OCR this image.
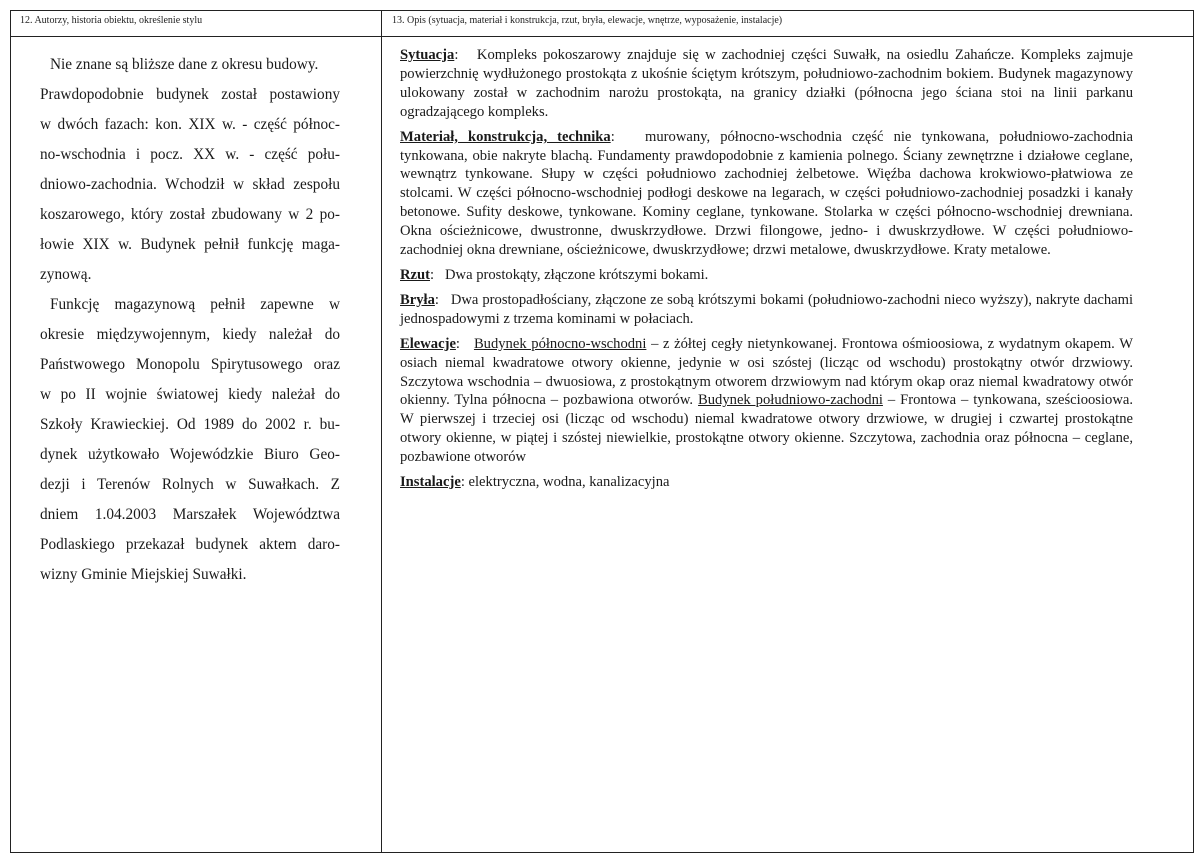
12. Autorzy, historia obiektu, określenie stylu
Nie znane są bliższe dane z okresu budowy.
Prawdopodobnie budynek został postawiony
w dwóch fazach: kon. XIX w. - część północ-
no-wschodnia i pocz. XX w. - część połu-
dniowo-zachodnia. Wchodził w skład zespołu
koszarowego, który został zbudowany w 2 po-
łowie XIX w. Budynek pełnił funkcję maga-
zynową.
Funkcję magazynową pełnił zapewne w
okresie międzywojennym, kiedy należał do
Państwowego Monopolu Spirytusowego oraz
w po II wojnie światowej kiedy należał do
Szkoły Krawieckiej. Od 1989 do 2002 r. bu-
dynek użytkowało Wojewódzkie Biuro Geo-
dezji i Terenów Rolnych w Suwałkach. Z
dniem 1.04.2003 Marszałek Województwa
Podlaskiego przekazał budynek aktem daro-
wizny Gminie Miejskiej Suwałki.
13. Opis (sytuacja, materiał i konstrukcja, rzut, bryła, elewacje, wnętrze, wyposażenie, instalacje)

Sytuacja:   Kompleks pokoszarowy znajduje się w zachodniej części Suwałk, na osiedlu Zahańcze. Kompleks zajmuje powierzchnię wydłużonego prostokąta z ukośnie ściętym krótszym, południowo-zachodnim bokiem. Budynek magazynowy ulokowany został w zachodnim narożu prostokąta, na granicy działki (północna jego ściana stoi na linii parkanu ogradzającego kompleks.

Materiał, konstrukcja, technika:   murowany, północno-wschodnia część nie tynkowana, południowo-zachodnia tynkowana, obie nakryte blachą. Fundamenty prawdopodobnie z kamienia polnego. Ściany zewnętrzne i działowe ceglane, wewnątrz tynkowane. Słupy w części południowo zachodniej żelbetowe. Więźba dachowa krokwiowo-płatwiowa ze stolcami. W części północno-wschodniej podłogi deskowe na legarach, w części południowo-zachodniej posadzki i kanały betonowe. Sufity deskowe, tynkowane. Kominy ceglane, tynkowane. Stolarka w części północno-wschodniej drewniana. Okna ościeżnicowe, dwustronne, dwuskrzydłowe. Drzwi filongowe, jedno- i dwuskrzydłowe. W części południowo-zachodniej okna drewniane, ościeżnicowe, dwuskrzydłowe; drzwi metalowe, dwuskrzydłowe. Kraty metalowe.

Rzut:   Dwa prostokąty, złączone krótszymi bokami.

Bryła:   Dwa prostopadłościany, złączone ze sobą krótszymi bokami (południowo-zachodni nieco wyższy), nakryte dachami jednospadowymi z trzema kominami w połaciach.

Elewacje:   Budynek północno-wschodni – z żółtej cegły nietynkowanej. Frontowa ośmioosiowa, z wydatnym okapem. W osiach niemal kwadratowe otwory okienne, jedynie w osi szóstej (licząc od wschodu) prostokątny otwór drzwiowy. Szczytowa wschodnia – dwuosiowa, z prostokątnym otworem drzwiowym nad którym okap oraz niemal kwadratowy otwór okienny. Tylna północna – pozbawiona otworów. Budynek południowo-zachodni – Frontowa – tynkowana, sześcioosiowa. W pierwszej i trzeciej osi (licząc od wschodu) niemal kwadratowe otwory drzwiowe, w drugiej i czwartej prostokątne otwory okienne, w piątej i szóstej niewielkie, prostokątne otwory okienne. Szczytowa, zachodnia oraz północna – ceglane, pozbawione otworów

Instalacje: elektryczna, wodna, kanalizacyjna
